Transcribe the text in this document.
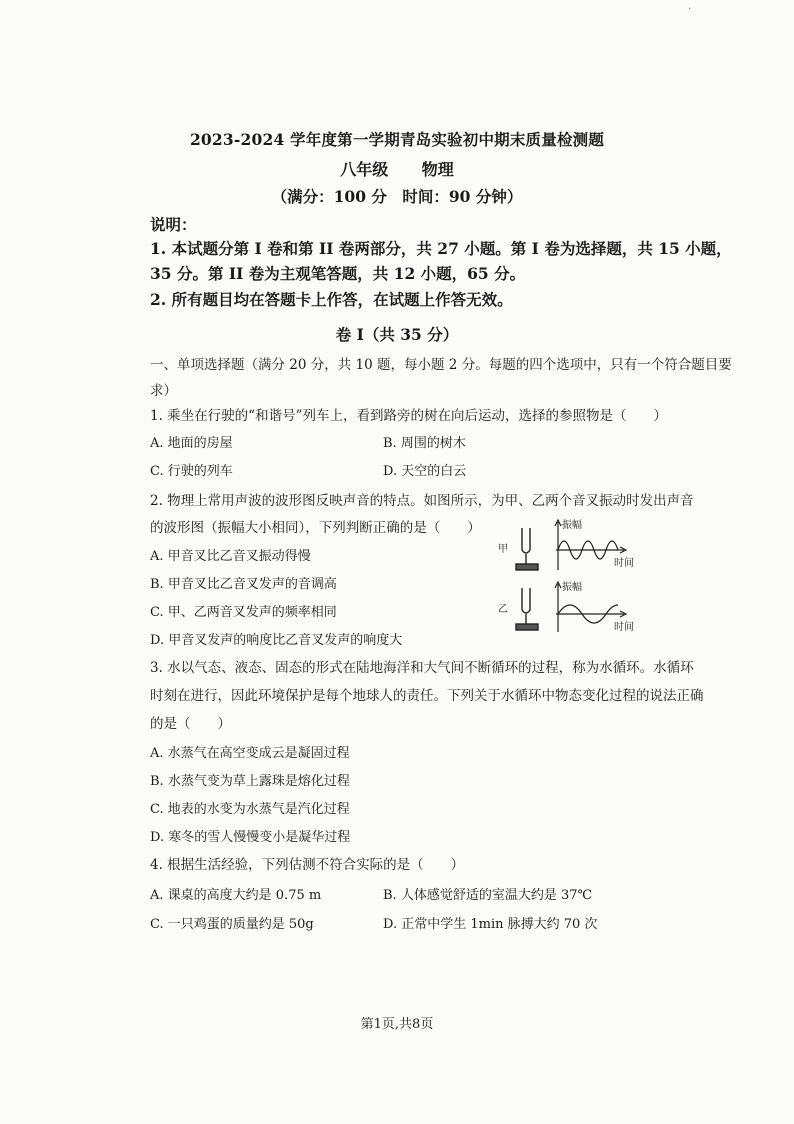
·
2023-2024 学年度第一学期青岛实验初中期末质量检测题
八年级 物理
（满分：100 分　时间：90 分钟）
说明：
1. 本试题分第 I 卷和第 II 卷两部分，共 27 小题。第 I 卷为选择题，共 15 小题，
35 分。第 II 卷为主观笔答题，共 12 小题，65 分。
2. 所有题目均在答题卡上作答，在试题上作答无效。
卷 I（共 35 分）
一、单项选择题（满分 20 分，共 10 题，每小题 2 分。每题的四个选项中，只有一个符合题目要
求）
1. 乘坐在行驶的“和谐号”列车上，看到路旁的树在向后运动，选择的参照物是（　　）
A. 地面的房屋	B. 周围的树木
C. 行驶的列车	D. 天空的白云
2. 物理上常用声波的波形图反映声音的特点。如图所示，为甲、乙两个音叉振动时发出声音
的波形图（振幅大小相同），下列判断正确的是（　　）
A. 甲音叉比乙音叉振动得慢
B. 甲音叉比乙音叉发声的音调高
C. 甲、乙两音叉发声的频率相同
D. 甲音叉发声的响度比乙音叉发声的响度大
甲
振幅
时间
乙
振幅
时间
3. 水以气态、液态、固态的形式在陆地海洋和大气间不断循环的过程，称为水循环。水循环
时刻在进行，因此环境保护是每个地球人的责任。下列关于水循环中物态变化过程的说法正确
的是（　　）
A. 水蒸气在高空变成云是凝固过程
B. 水蒸气变为草上露珠是熔化过程
C. 地表的水变为水蒸气是汽化过程
D. 寒冬的雪人慢慢变小是凝华过程
4. 根据生活经验，下列估测不符合实际的是（　　）
A. 课桌的高度大约是 0.75 m	B. 人体感觉舒适的室温大约是 37℃
C. 一只鸡蛋的质量约是 50g	D. 正常中学生 1min 脉搏大约 70 次
第1页,共8页
